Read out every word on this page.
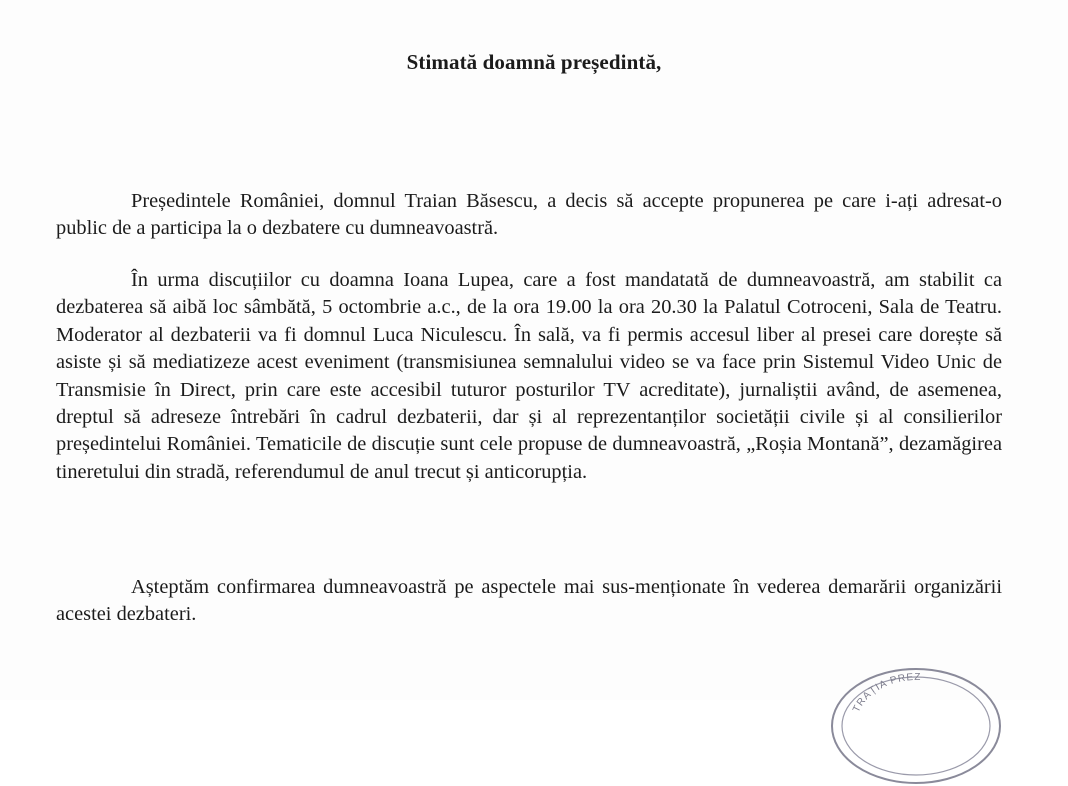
Stimată doamnă președintă,

Președintele României, domnul Traian Băsescu, a decis să accepte propunerea pe care i-ați adresat-o public de a participa la o dezbatere cu dumneavoastră.

În urma discuțiilor cu doamna Ioana Lupea, care a fost mandatată de dumneavoastră, am stabilit ca dezbaterea să aibă loc sâmbătă, 5 octombrie a.c., de la ora 19.00 la ora 20.30 la Palatul Cotroceni, Sala de Teatru. Moderator al dezbaterii va fi domnul Luca Niculescu. În sală, va fi permis accesul liber al presei care dorește să asiste și să mediatizeze acest eveniment (transmisiunea semnalului video se va face prin Sistemul Video Unic de Transmisie în Direct, prin care este accesibil tuturor posturilor TV acreditate), jurnaliștii având, de asemenea, dreptul să adreseze întrebări în cadrul dezbaterii, dar și al reprezentanților societății civile și al consilierilor președintelui României. Tematicile de discuție sunt cele propuse de dumneavoastră, „Roșia Montană”, dezamăgirea tineretului din stradă, referendumul de anul trecut și anticorupția.

Așteptăm confirmarea dumneavoastră pe aspectele mai sus-menționate în vederea demarării organizării acestei dezbateri.

TRAȚIA PREZ
